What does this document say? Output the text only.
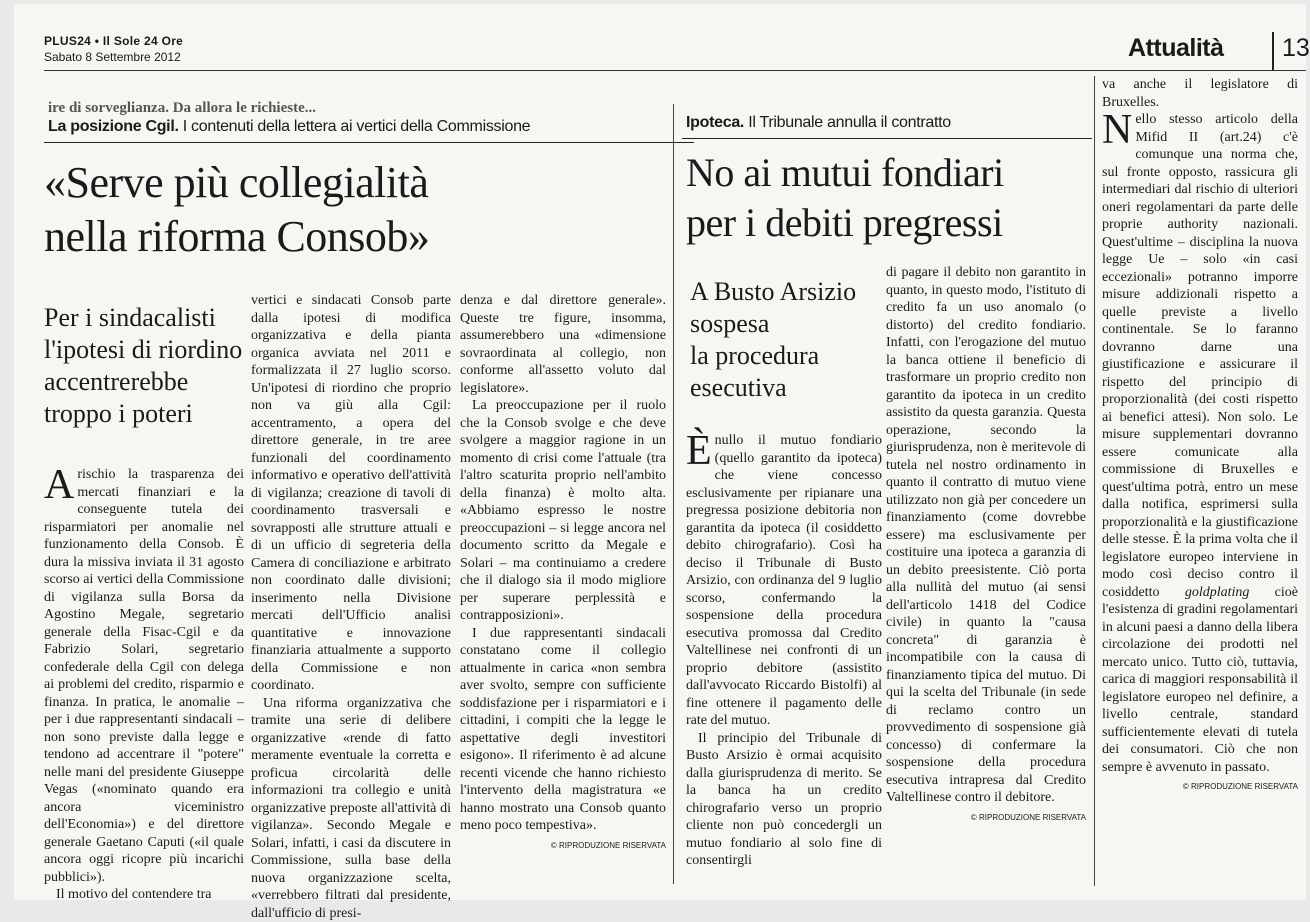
PLUS24 • Il Sole 24 Ore
Sabato 8 Settembre 2012	Attualità 13
ire di sorveglianza. Da allora le richieste...
La posizione Cgil. I contenuti della lettera ai vertici della Commissione
«Serve più collegialità
nella riforma Consob»
Per i sindacalisti
l'ipotesi di riordino
accentrerebbe
troppo i poteri

Arischio la trasparenza dei mercati finanziari e la conseguente tutela dei risparmiatori per anomalie nel funzionamento della Consob. È dura la missiva inviata il 31 agosto scorso ai vertici della Commissione di vigilanza sulla Borsa da Agostino Megale, segretario generale della Fisac-Cgil e da Fabrizio Solari, segretario confederale della Cgil con delega ai problemi del credito, risparmio e finanza. In pratica, le anomalie – per i due rappresentanti sindacali – non sono previste dalla legge e tendono ad accentrare il "potere" nelle mani del presidente Giuseppe Vegas («nominato quando era ancora viceministro dell'Economia») e del direttore generale Gaetano Caputi («il quale ancora oggi ricopre più incarichi pubblici»).

Il motivo del contendere tra

vertici e sindacati Consob parte dalla ipotesi di modifica organizzativa e della pianta organica avviata nel 2011 e formalizzata il 27 luglio scorso. Un'ipotesi di riordino che proprio non va giù alla Cgil: accentramento, a opera del direttore generale, in tre aree funzionali del coordinamento informativo e operativo dell'attività di vigilanza; creazione di tavoli di coordinamento trasversali e sovrapposti alle strutture attuali e di un ufficio di segreteria della Camera di conciliazione e arbitrato non coordinato dalle divisioni; inserimento nella Divisione mercati dell'Ufficio analisi quantitative e innovazione finanziaria attualmente a supporto della Commissione e non coordinato.

Una riforma organizzativa che tramite una serie di delibere organizzative «rende di fatto meramente eventuale la corretta e proficua circolarità delle informazioni tra collegio e unità organizzative preposte all'attività di vigilanza». Secondo Megale e Solari, infatti, i casi da discutere in Commissione, sulla base della nuova organizzazione scelta, «verrebbero filtrati dal presidente, dall'ufficio di presi-

denza e dal direttore generale». Queste tre figure, insomma, assumerebbero una «dimensione sovraordinata al collegio, non conforme all'assetto voluto dal legislatore».

La preoccupazione per il ruolo che la Consob svolge e che deve svolgere a maggior ragione in un momento di crisi come l'attuale (tra l'altro scaturita proprio nell'ambito della finanza) è molto alta. «Abbiamo espresso le nostre preoccupazioni – si legge ancora nel documento scritto da Megale e Solari – ma continuiamo a credere che il dialogo sia il modo migliore per superare perplessità e contrapposizioni».

I due rappresentanti sindacali constatano come il collegio attualmente in carica «non sembra aver svolto, sempre con sufficiente soddisfazione per i risparmiatori e i cittadini, i compiti che la legge le aspettative degli investitori esigono». Il riferimento è ad alcune recenti vicende che hanno richiesto l'intervento della magistratura «e hanno mostrato una Consob quanto meno poco tempestiva».

© RIPRODUZIONE RISERVATA
Ipoteca. Il Tribunale annulla il contratto
No ai mutui fondiari
per i debiti pregressi
A Busto Arsizio
sospesa
la procedura
esecutiva

Ènullo il mutuo fondiario (quello garantito da ipoteca) che viene concesso esclusivamente per ripianare una pregressa posizione debitoria non garantita da ipoteca (il cosiddetto debito chirografario). Così ha deciso il Tribunale di Busto Arsizio, con ordinanza del 9 luglio scorso, confermando la sospensione della procedura esecutiva promossa dal Credito Valtellinese nei confronti di un proprio debitore (assistito dall'avvocato Riccardo Bistolfi) al fine ottenere il pagamento delle rate del mutuo.

Il principio del Tribunale di Busto Arsizio è ormai acquisito dalla giurisprudenza di merito. Se la banca ha un credito chirografario verso un proprio cliente non può concedergli un mutuo fondiario al solo fine di consentirgli

di pagare il debito non garantito in quanto, in questo modo, l'istituto di credito fa un uso anomalo (o distorto) del credito fondiario. Infatti, con l'erogazione del mutuo la banca ottiene il beneficio di trasformare un proprio credito non garantito da ipoteca in un credito assistito da questa garanzia. Questa operazione, secondo la giurisprudenza, non è meritevole di tutela nel nostro ordinamento in quanto il contratto di mutuo viene utilizzato non già per concedere un finanziamento (come dovrebbe essere) ma esclusivamente per costituire una ipoteca a garanzia di un debito preesistente. Ciò porta alla nullità del mutuo (ai sensi dell'articolo 1418 del Codice civile) in quanto la "causa concreta" di garanzia è incompatibile con la causa di finanziamento tipica del mutuo. Di qui la scelta del Tribunale (in sede di reclamo contro un provvedimento di sospensione già concesso) di confermare la sospensione della procedura esecutiva intrapresa dal Credito Valtellinese contro il debitore.

© RIPRODUZIONE RISERVATA

va anche il legislatore di Bruxelles.

Nello stesso articolo della Mifid II (art.24) c'è comunque una norma che, sul fronte opposto, rassicura gli intermediari dal rischio di ulteriori oneri regolamentari da parte delle proprie authority nazionali. Quest'ultime – disciplina la nuova legge Ue – solo «in casi eccezionali» potranno imporre misure addizionali rispetto a quelle previste a livello continentale. Se lo faranno dovranno darne una giustificazione e assicurare il rispetto del principio di proporzionalità (dei costi rispetto ai benefici attesi). Non solo. Le misure supplementari dovranno essere comunicate alla commissione di Bruxelles e quest'ultima potrà, entro un mese dalla notifica, esprimersi sulla proporzionalità e la giustificazione delle stesse. È la prima volta che il legislatore europeo interviene in modo così deciso contro il cosiddetto goldplating cioè l'esistenza di gradini regolamentari in alcuni paesi a danno della libera circolazione dei prodotti nel mercato unico. Tutto ciò, tuttavia, carica di maggiori responsabilità il legislatore europeo nel definire, a livello centrale, standard sufficientemente elevati di tutela dei consumatori. Ciò che non sempre è avvenuto in passato.

© RIPRODUZIONE RISERVATA
